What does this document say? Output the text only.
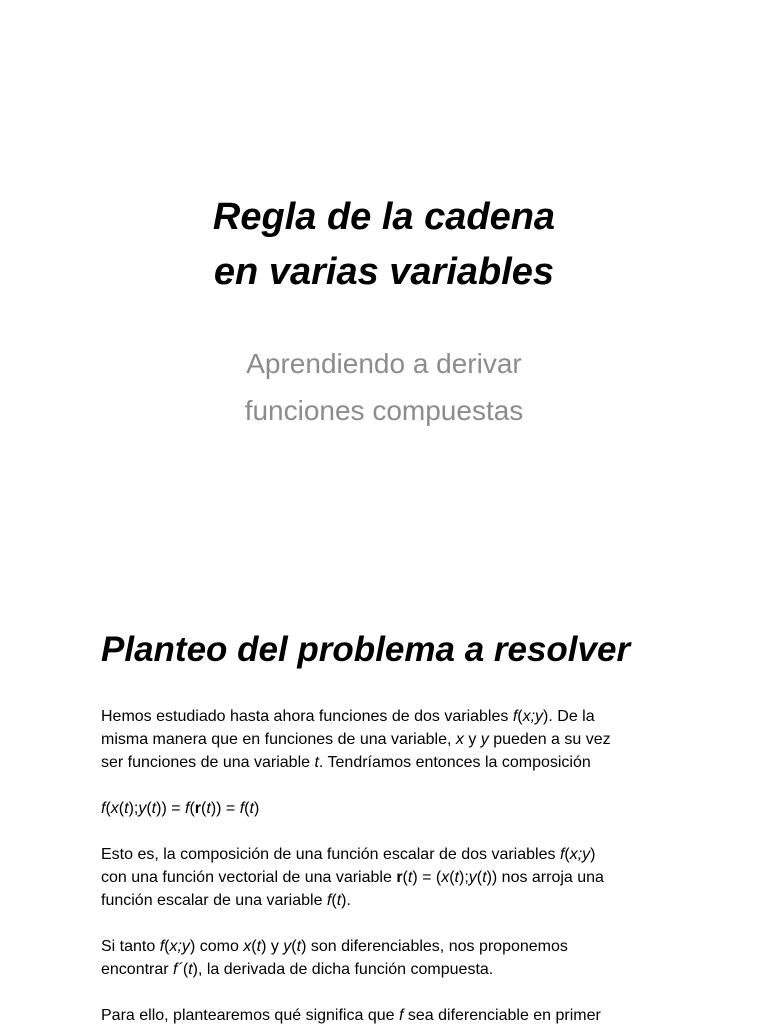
Regla de la cadena
en varias variables
Aprendiendo a derivar
funciones compuestas
Planteo del problema a resolver

Hemos estudiado hasta ahora funciones de dos variables f(x;y). De la
misma manera que en funciones de una variable, x y y pueden a su vez
ser funciones de una variable t. Tendríamos entonces la composición

f(x(t);y(t)) = f(r(t)) = f(t)

Esto es, la composición de una función escalar de dos variables f(x;y)
con una función vectorial de una variable r(t) = (x(t);y(t)) nos arroja una
función escalar de una variable f(t).

Si tanto f(x;y) como x(t) y y(t) son diferenciables, nos proponemos
encontrar f´(t), la derivada de dicha función compuesta.

Para ello, plantearemos qué significa que f sea diferenciable en primer
